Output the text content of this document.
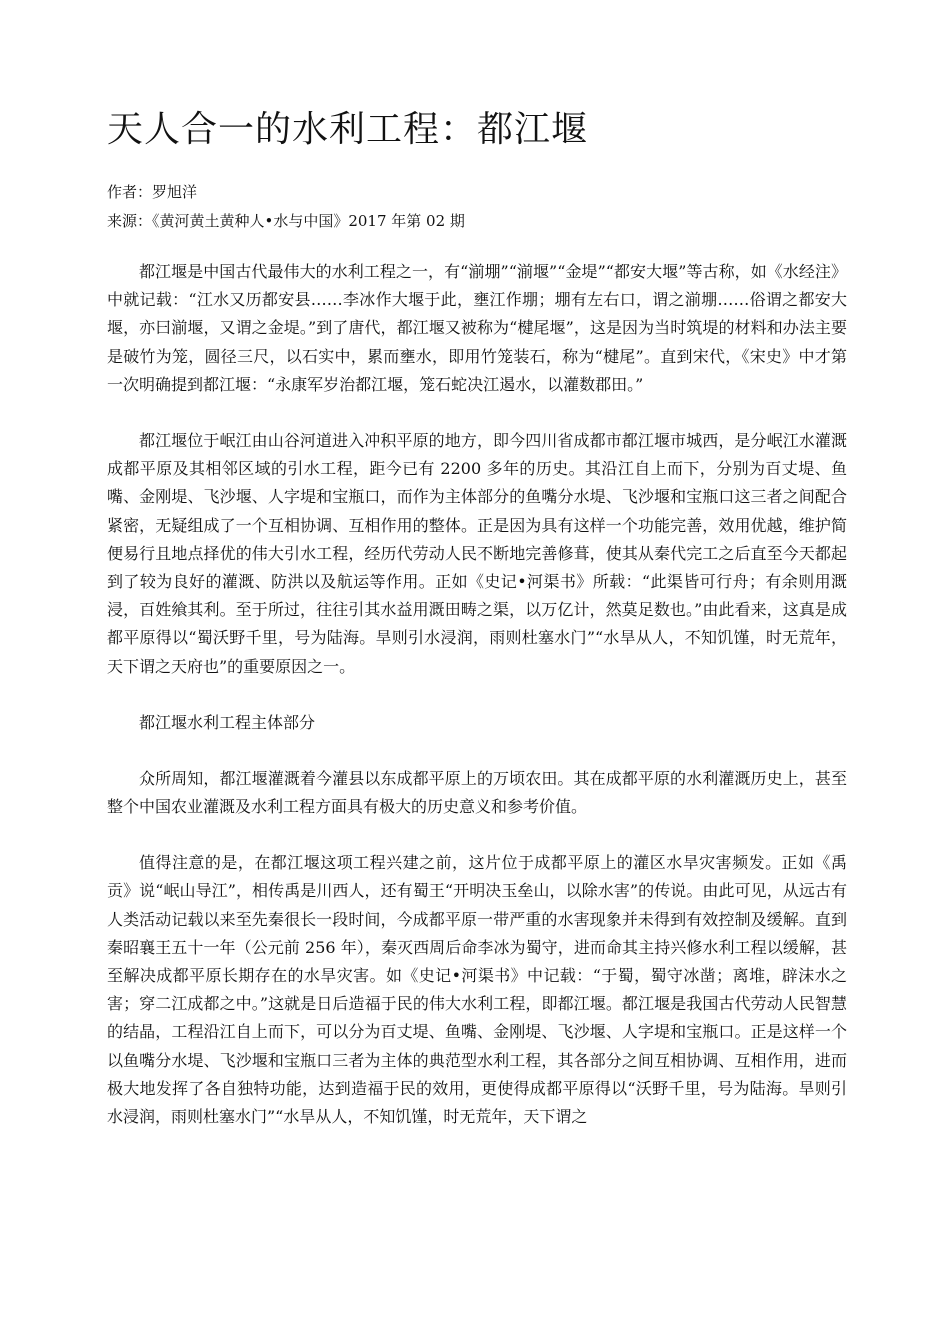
天人合一的水利工程：都江堰

作者：罗旭洋

来源：《黄河黄土黄种人•水与中国》2017 年第 02 期

都江堰是中国古代最伟大的水利工程之一，有“湔堋”“湔堰”“金堤”“都安大堰”等古称，如《水经注》中就记载：“江水又历都安县……李冰作大堰于此，壅江作堋；堋有左右口，谓之湔堋……俗谓之都安大堰，亦曰湔堰，又谓之金堤。”到了唐代，都江堰又被称为“楗尾堰”，这是因为当时筑堤的材料和办法主要是破竹为笼，圆径三尺，以石实中，累而壅水，即用竹笼装石，称为“楗尾”。直到宋代，《宋史》中才第一次明确提到都江堰：“永康军岁治都江堰，笼石蛇决江遏水，以灌数郡田。”

都江堰位于岷江由山谷河道进入冲积平原的地方，即今四川省成都市都江堰市城西，是分岷江水灌溉成都平原及其相邻区域的引水工程，距今已有 2200 多年的历史。其沿江自上而下，分别为百丈堤、鱼嘴、金刚堤、飞沙堰、人字堤和宝瓶口，而作为主体部分的鱼嘴分水堤、飞沙堰和宝瓶口这三者之间配合紧密，无疑组成了一个互相协调、互相作用的整体。正是因为具有这样一个功能完善，效用优越，维护简便易行且地点择优的伟大引水工程，经历代劳动人民不断地完善修葺，使其从秦代完工之后直至今天都起到了较为良好的灌溉、防洪以及航运等作用。正如《史记•河渠书》所载：“此渠皆可行舟；有余则用溉浸，百姓飨其利。至于所过，往往引其水益用溉田畴之渠，以万亿计，然莫足数也。”由此看来，这真是成都平原得以“蜀沃野千里，号为陆海。旱则引水浸润，雨则杜塞水门”“水旱从人，不知饥馑，时无荒年，天下谓之天府也”的重要原因之一。

都江堰水利工程主体部分

众所周知，都江堰灌溉着今灌县以东成都平原上的万顷农田。其在成都平原的水利灌溉历史上，甚至整个中国农业灌溉及水利工程方面具有极大的历史意义和参考价值。

值得注意的是，在都江堰这项工程兴建之前，这片位于成都平原上的灌区水旱灾害频发。正如《禹贡》说“岷山导江”，相传禹是川西人，还有蜀王“开明决玉垒山，以除水害”的传说。由此可见，从远古有人类活动记载以来至先秦很长一段时间，今成都平原一带严重的水害现象并未得到有效控制及缓解。直到秦昭襄王五十一年（公元前 256 年），秦灭西周后命李冰为蜀守，进而命其主持兴修水利工程以缓解，甚至解决成都平原长期存在的水旱灾害。如《史记•河渠书》中记载：“于蜀，蜀守冰凿；离堆，辟沫水之害；穿二江成都之中。”这就是日后造福于民的伟大水利工程，即都江堰。都江堰是我国古代劳动人民智慧的结晶，工程沿江自上而下，可以分为百丈堤、鱼嘴、金刚堤、飞沙堰、人字堤和宝瓶口。正是这样一个以鱼嘴分水堤、飞沙堰和宝瓶口三者为主体的典范型水利工程，其各部分之间互相协调、互相作用，进而极大地发挥了各自独特功能，达到造福于民的效用，更使得成都平原得以“沃野千里，号为陆海。旱则引水浸润，雨则杜塞水门”“水旱从人，不知饥馑，时无荒年，天下谓之
